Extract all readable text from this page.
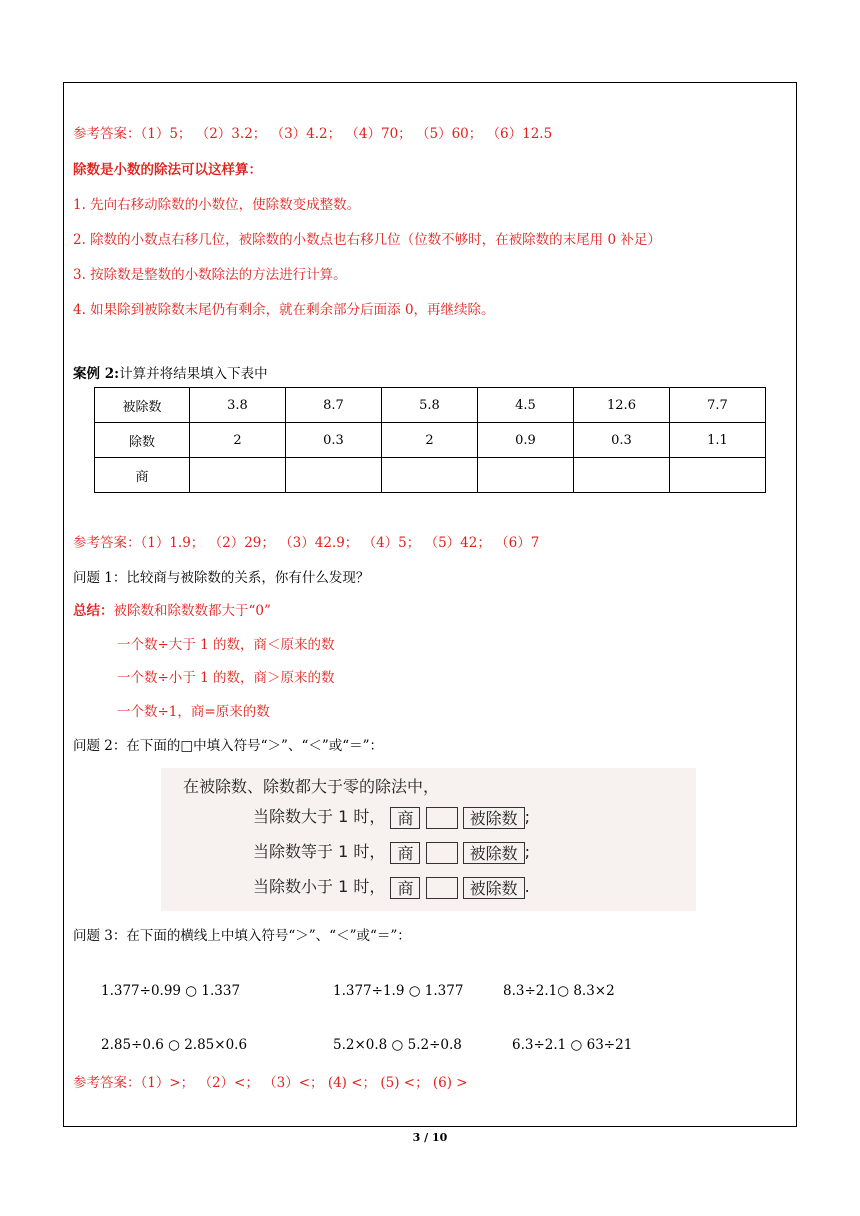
参考答案：（1）5； （2）3.2； （3）4.2； （4）70； （5）60； （6）12.5
除数是小数的除法可以这样算：
1. 先向右移动除数的小数位，使除数变成整数。
2. 除数的小数点右移几位，被除数的小数点也右移几位（位数不够时，在被除数的末尾用 0 补足）
3. 按除数是整数的小数除法的方法进行计算。
4. 如果除到被除数末尾仍有剩余，就在剩余部分后面添 0，再继续除。
案例 2:计算并将结果填入下表中
被除数	3.8	8.7	5.8	4.5	12.6	7.7
除数	2	0.3	2	0.9	0.3	1.1
商						
参考答案：（1）1.9； （2）29； （3）42.9； （4）5； （5）42； （6）7
问题 1：比较商与被除数的关系，你有什么发现？
总结：被除数和除数数都大于“0”
一个数÷大于 1 的数，商＜原来的数
一个数÷小于 1 的数，商＞原来的数
一个数÷1，商=原来的数
问题 2：在下面的□中填入符号“＞”、“＜”或“＝”：
在被除数、除数都大于零的除法中，
当除数大于 1 时， 商	被除数 ;
当除数等于 1 时， 商	被除数 ;
当除数小于 1 时， 商	被除数 .
问题 3：在下面的横线上中填入符号“＞”、“＜”或“＝”：
1.377÷0.99 ○ 1.337	1.377÷1.9 ○ 1.377	8.3÷2.1○ 8.3×2
2.85÷0.6 ○ 2.85×0.6	5.2×0.8 ○ 5.2÷0.8	6.3÷2.1 ○ 63÷21
参考答案：（1）>； （2）<； （3）<； (4) <； (5) <； (6) >
3 / 10
